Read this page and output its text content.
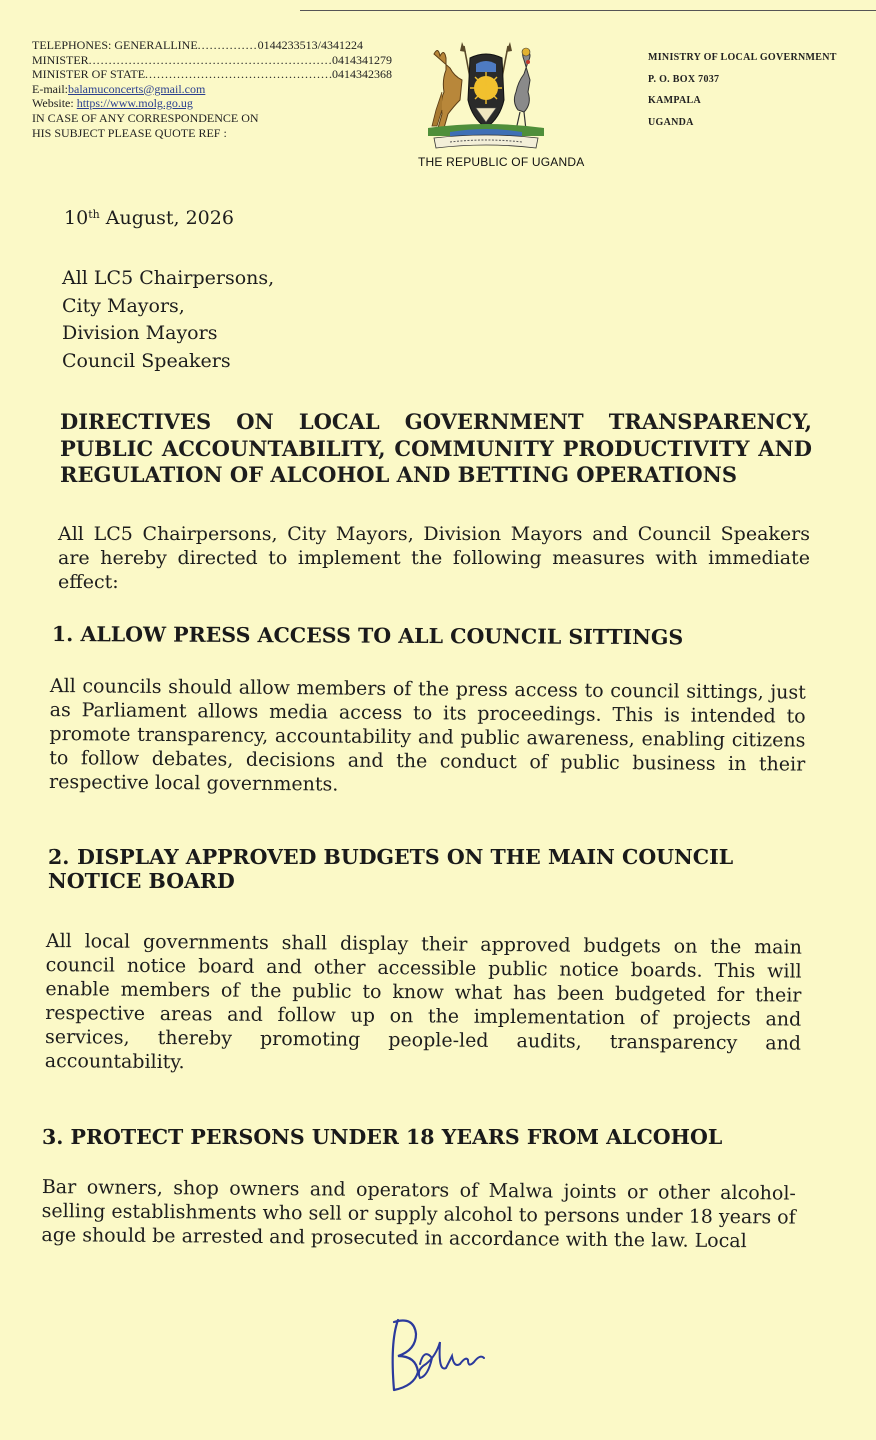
TELEPHONES: GENERALLINE .....	0144233513/4341224
MINISTER .....	0414341279
MINISTER OF STATE .....	0414342368
E-mail: balamuconcerts@gmail.com
Website:
https://www.molg.go.ug
IN CASE OF ANY CORRESPONDENCE ON
HIS SUBJECT PLEASE QUOTE REF :
THE REPUBLIC OF UGANDA
MINISTRY OF LOCAL GOVERNMENT
P. O. BOX 7037
KAMPALA
UGANDA
10th August, 2026
All LC5 Chairpersons,
City Mayors,
Division Mayors
Council Speakers
DIRECTIVES ON LOCAL GOVERNMENT TRANSPARENCY, PUBLIC ACCOUNTABILITY, COMMUNITY PRODUCTIVITY AND
REGULATION OF ALCOHOL AND BETTING OPERATIONS
All LC5 Chairpersons, City Mayors, Division Mayors and Council Speakers are hereby directed to implement the following measures with immediate effect:
1. ALLOW PRESS ACCESS TO ALL COUNCIL SITTINGS
All councils should allow members of the press access to council sittings, just as Parliament allows media access to its proceedings. This is intended to promote transparency, accountability and public awareness, enabling citizens to follow debates, decisions and the conduct of public business in their respective local governments.
2. DISPLAY APPROVED BUDGETS ON THE MAIN COUNCIL NOTICE BOARD
All local governments shall display their approved budgets on the main council notice board and other accessible public notice boards. This will enable members of the public to know what has been budgeted for their respective areas and follow up on the implementation of projects and services, thereby promoting people-led audits, transparency and accountability.
3. PROTECT PERSONS UNDER 18 YEARS FROM ALCOHOL
Bar owners, shop owners and operators of Malwa joints or other alcohol-selling establishments who sell or supply alcohol to persons under 18 years of age should be arrested and prosecuted in accordance with the law. Local
